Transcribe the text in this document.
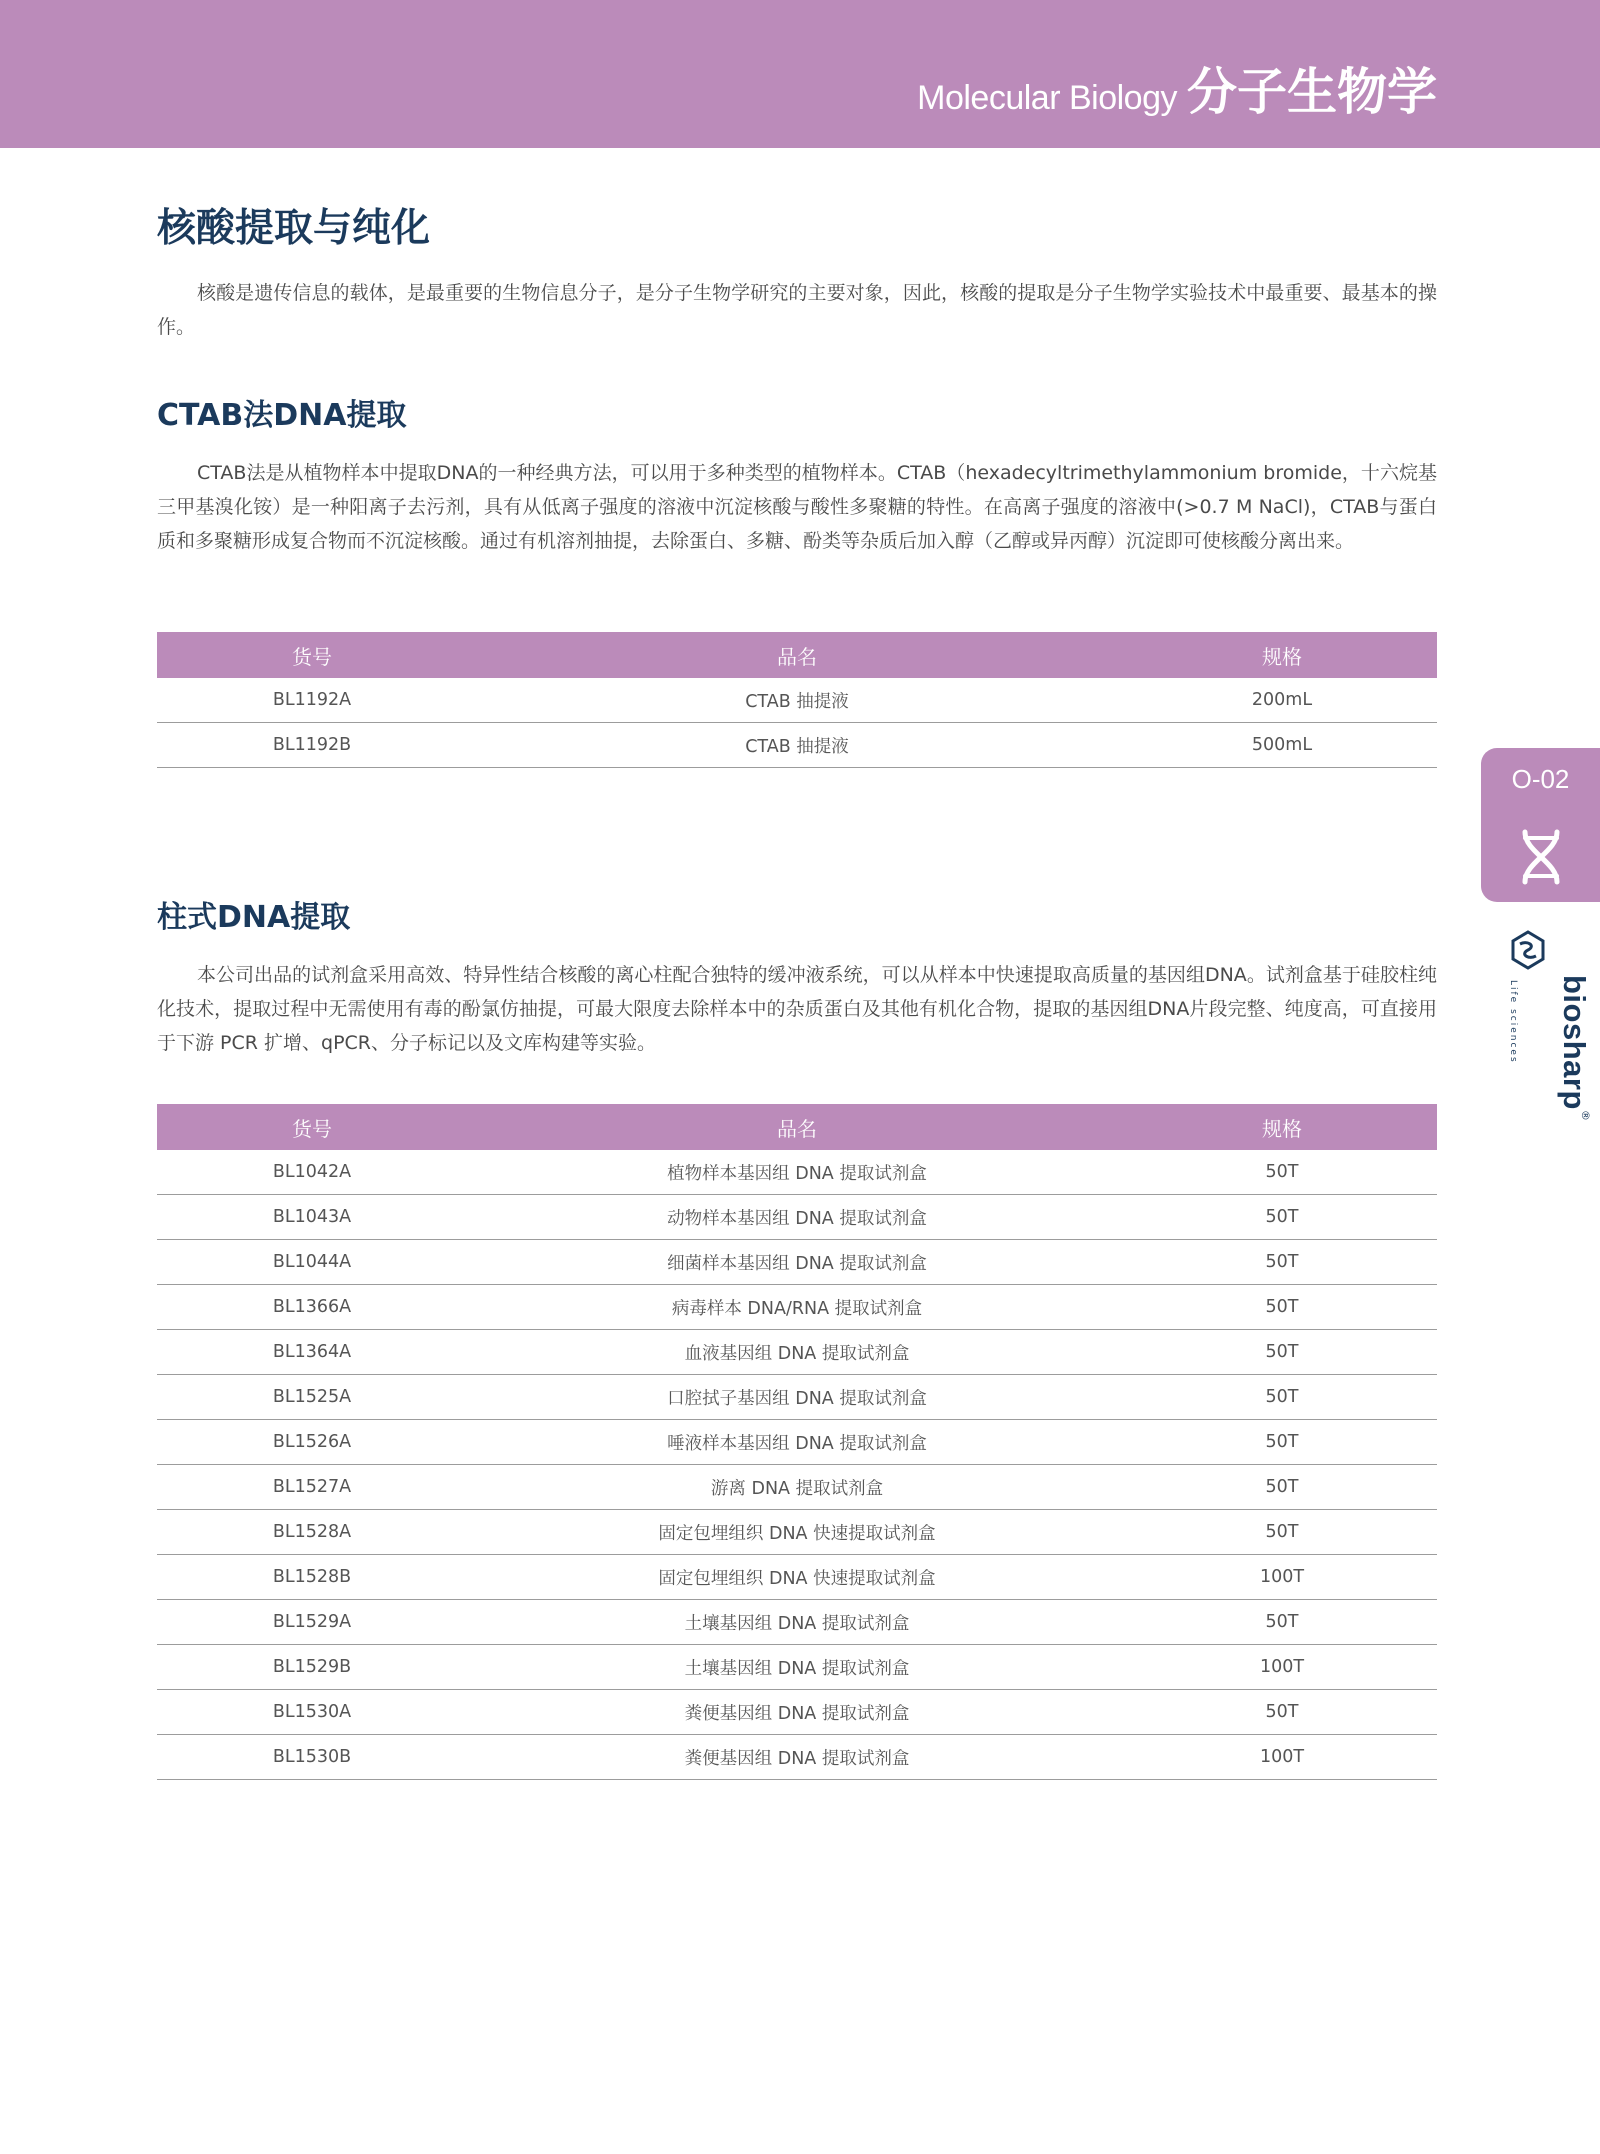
Molecular Biology 分子生物学
核酸提取与纯化

核酸是遗传信息的载体，是最重要的生物信息分子，是分子生物学研究的主要对象，因此，核酸的提取是分子生物学实验技术中最重要、最基本的操作。

CTAB法DNA提取

CTAB法是从植物样本中提取DNA的一种经典方法，可以用于多种类型的植物样本。CTAB（hexadecyltrimethylammonium bromide，十六烷基三甲基溴化铵）是一种阳离子去污剂，具有从低离子强度的溶液中沉淀核酸与酸性多聚糖的特性。在高离子强度的溶液中(>0.7 M NaCl)，CTAB与蛋白质和多聚糖形成复合物而不沉淀核酸。通过有机溶剂抽提，去除蛋白、多糖、酚类等杂质后加入醇（乙醇或异丙醇）沉淀即可使核酸分离出来。

货号	品名	规格
BL1192A	CTAB 抽提液	200mL
BL1192B	CTAB 抽提液	500mL
柱式DNA提取

本公司出品的试剂盒采用高效、特异性结合核酸的离心柱配合独特的缓冲液系统，可以从样本中快速提取高质量的基因组DNA。试剂盒基于硅胶柱纯化技术，提取过程中无需使用有毒的酚氯仿抽提，可最大限度去除样本中的杂质蛋白及其他有机化合物，提取的基因组DNA片段完整、纯度高，可直接用于下游 PCR 扩增、qPCR、分子标记以及文库构建等实验。

货号	品名	规格
BL1042A	植物样本基因组 DNA 提取试剂盒	50T
BL1043A	动物样本基因组 DNA 提取试剂盒	50T
BL1044A	细菌样本基因组 DNA 提取试剂盒	50T
BL1366A	病毒样本 DNA/RNA 提取试剂盒	50T
BL1364A	血液基因组 DNA 提取试剂盒	50T
BL1525A	口腔拭子基因组 DNA 提取试剂盒	50T
BL1526A	唾液样本基因组 DNA 提取试剂盒	50T
BL1527A	游离 DNA 提取试剂盒	50T
BL1528A	固定包埋组织 DNA 快速提取试剂盒	50T
BL1528B	固定包埋组织 DNA 快速提取试剂盒	100T
BL1529A	土壤基因组 DNA 提取试剂盒	50T
BL1529B	土壤基因组 DNA 提取试剂盒	100T
BL1530A	粪便基因组 DNA 提取试剂盒	50T
BL1530B	粪便基因组 DNA 提取试剂盒	100T
O-02
biosharp®
Life sciences
